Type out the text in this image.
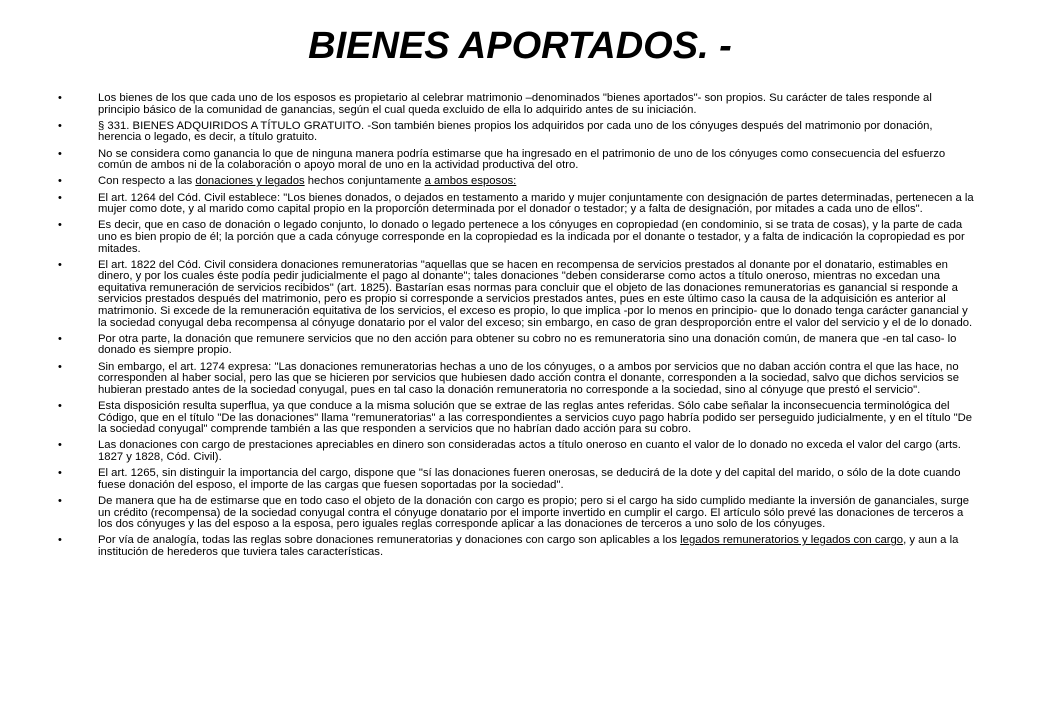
BIENES APORTADOS. -
•	Los bienes de los que cada uno de los esposos es propietario al celebrar matrimonio –denominados "bienes aportados"- son propios. Su carácter de tales responde al principio básico de la comunidad de ganancias, según el cual queda excluido de ella lo adquirido antes de su iniciación.
•	§ 331. BIENES ADQUIRIDOS A TÍTULO GRATUITO. -Son también bienes propios los adquiridos por cada uno de los cónyuges después del matrimonio por donación, herencia o legado, es decir, a título gratuito.
•	No se considera como ganancia lo que de ninguna manera podría estimarse que ha ingresado en el patrimonio de uno de los cónyuges como consecuencia del esfuerzo común de ambos ni de la colaboración o apoyo moral de uno en la actividad productiva del otro.
•	Con respecto a las donaciones y legados hechos conjuntamente a ambos esposos:
•	El art. 1264 del Cód. Civil establece: "Los bienes donados, o dejados en testamento a marido y mujer conjuntamente con designación de partes determinadas, pertenecen a la mujer como dote, y al marido como capital propio en la proporción determinada por el donador o testador; y a falta de designación, por mitades a cada uno de ellos".
•	Es decir, que en caso de donación o legado conjunto, lo donado o legado pertenece a los cónyuges en copropiedad (en condominio, si se trata de cosas), y la parte de cada uno es bien propio de él; la porción que a cada cónyuge corresponde en la copropiedad es la indicada por el donante o testador, y a falta de indicación la copropiedad es por mitades.
•	El art. 1822 del Cód. Civil considera donaciones remuneratorias "aquellas que se hacen en recompensa de servicios prestados al donante por el donatario, estimables en dinero, y por los cuales éste podía pedir judicialmente el pago al donante"; tales donaciones "deben considerarse como actos a título oneroso, mientras no excedan una equitativa remuneración de servicios recibidos" (art. 1825). Bastarían esas normas para concluir que el objeto de las donaciones remuneratorias es ganancial si responde a servicios prestados después del matrimonio, pero es propio si corresponde a servicios prestados antes, pues en este último caso la causa de la adquisición es anterior al matrimonio. Si excede de la remuneración equitativa de los servicios, el exceso es propio, lo que implica -por lo menos en principio- que lo donado tenga carácter ganancial y la sociedad conyugal deba recompensa al cónyuge donatario por el valor del exceso; sin embargo, en caso de gran desproporción entre el valor del servicio y el de lo donado.
•	Por otra parte, la donación que remunere servicios que no den acción para obtener su cobro no es remuneratoria sino una donación común, de manera que -en tal caso- lo donado es siempre propio.
•	Sin embargo, el art. 1274 expresa: "Las donaciones remuneratorias hechas a uno de los cónyuges, o a ambos por servicios que no daban acción contra el que las hace, no corresponden al haber social, pero las que se hicieren por servicios que hubiesen dado acción contra el donante, corresponden a la sociedad, salvo que dichos servicios se hubieran prestado antes de la sociedad conyugal, pues en tal caso la donación remuneratoria no corresponde a la sociedad, sino al cónyuge que prestó el servicio".
•	Esta disposición resulta superflua, ya que conduce a la misma solución que se extrae de las reglas antes referidas. Sólo cabe señalar la inconsecuencia terminológica del Código, que en el título "De las donaciones" llama "remuneratorias" a las correspondientes a servicios cuyo pago habría podido ser perseguido judicialmente, y en el título "De la sociedad conyugal" comprende también a las que responden a servicios que no habrían dado acción para su cobro.
•	Las donaciones con cargo de prestaciones apreciables en dinero son consideradas actos a título oneroso en cuanto el valor de lo donado no exceda el valor del cargo (arts. 1827 y 1828, Cód. Civil).
•	El art. 1265, sin distinguir la importancia del cargo, dispone que "sí las donaciones fueren onerosas, se deducirá de la dote y del capital del marido, o sólo de la dote cuando fuese donación del esposo, el importe de las cargas que fuesen soportadas por la sociedad".
•	De manera que ha de estimarse que en todo caso el objeto de la donación con cargo es propio; pero si el cargo ha sido cumplido mediante la inversión de gananciales, surge un crédito (recompensa) de la sociedad conyugal contra el cónyuge donatario por el importe invertido en cumplir el cargo. El artículo sólo prevé las donaciones de terceros a los dos cónyuges y las del esposo a la esposa, pero iguales reglas corresponde aplicar a las donaciones de terceros a uno solo de los cónyuges.
•	Por vía de analogía, todas las reglas sobre donaciones remuneratorias y donaciones con cargo son aplicables a los legados remuneratorios y legados con cargo, y aun a la institución de herederos que tuviera tales características.
